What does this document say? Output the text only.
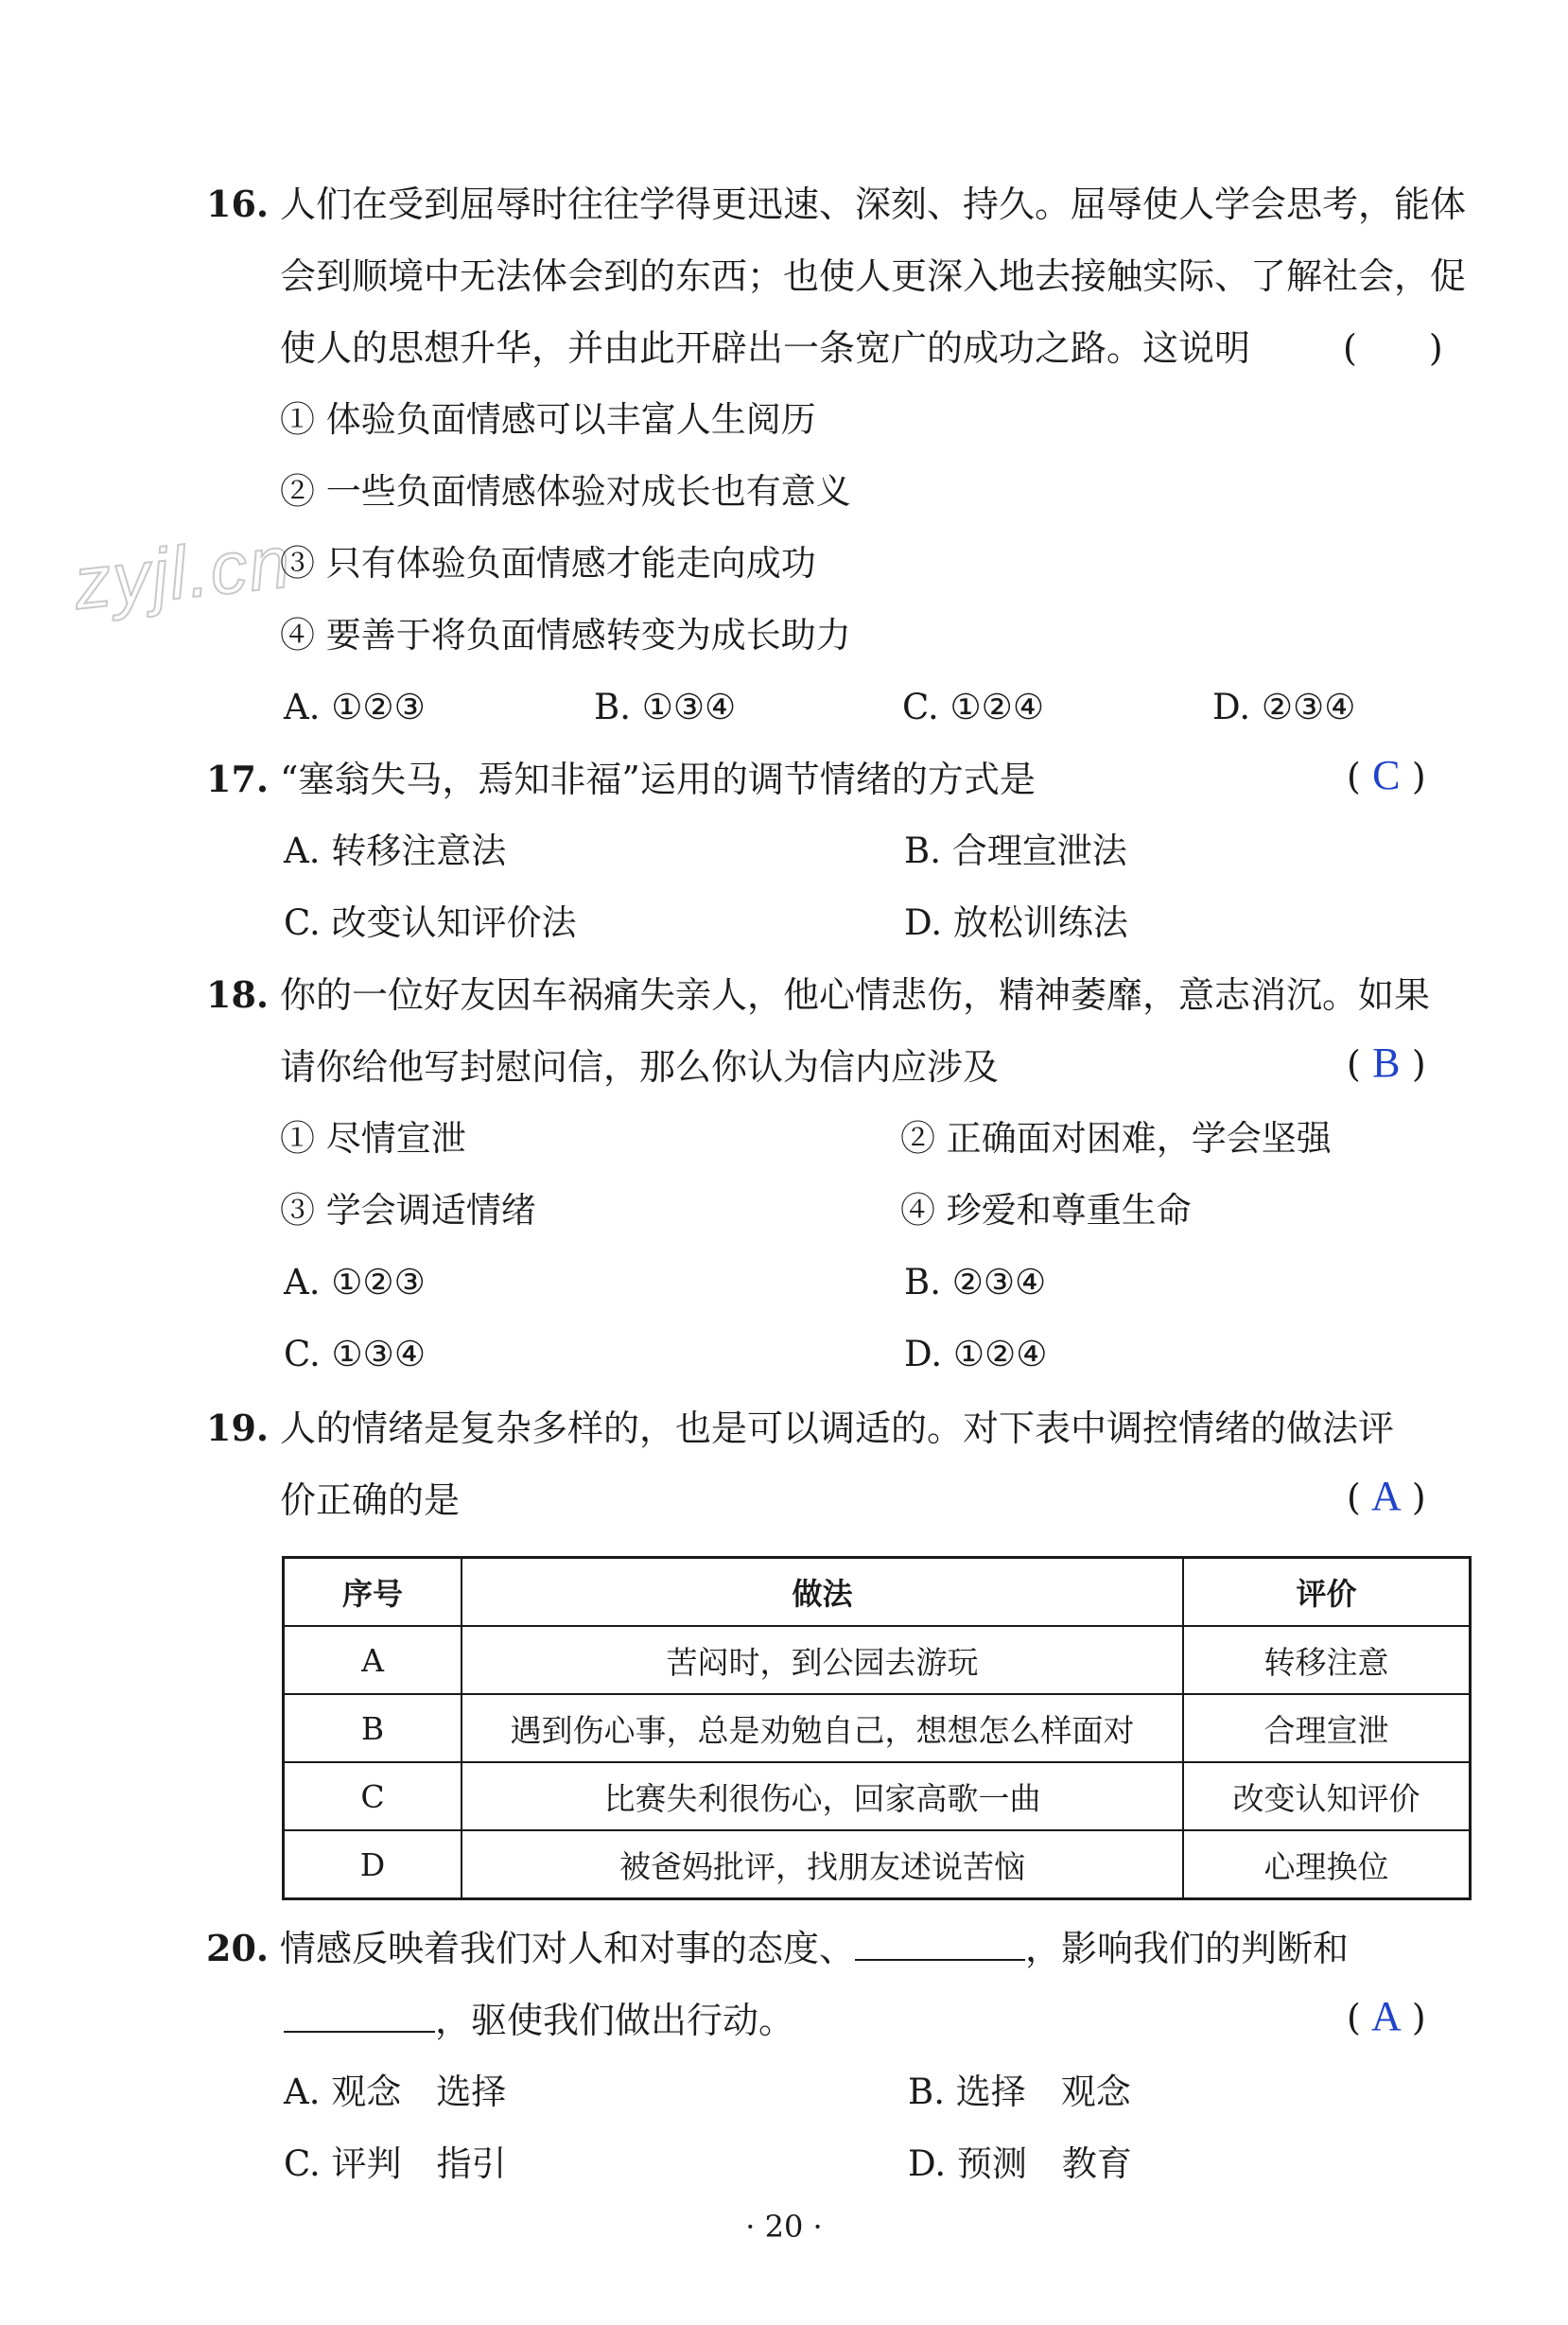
zyjl.cn
16. 人们在受到屈辱时往往学得更迅速、深刻、持久。屈辱使人学会思考，能体
会到顺境中无法体会到的东西；也使人更深入地去接触实际、了解社会，促
使人的思想升华，并由此开辟出一条宽广的成功之路。这说明	(　　)
① 体验负面情感可以丰富人生阅历
② 一些负面情感体验对成长也有意义
③ 只有体验负面情感才能走向成功
④ 要善于将负面情感转变为成长助力
A. ①②③	B. ①③④	C. ①②④	D. ②③④
17. “塞翁失马，焉知非福”运用的调节情绪的方式是	( C )
A. 转移注意法	B. 合理宣泄法
C. 改变认知评价法	D. 放松训练法
18. 你的一位好友因车祸痛失亲人，他心情悲伤，精神萎靡，意志消沉。如果
请你给他写封慰问信，那么你认为信内应涉及	( B )
① 尽情宣泄	② 正确面对困难，学会坚强
③ 学会调适情绪	④ 珍爱和尊重生命
A. ①②③	B. ②③④
C. ①③④	D. ①②④
19. 人的情绪是复杂多样的，也是可以调适的。对下表中调控情绪的做法评
价正确的是	( A )
序号	做法	评价
A	苦闷时，到公园去游玩	转移注意
B	遇到伤心事，总是劝勉自己，想想怎么样面对	合理宣泄
C	比赛失利很伤心，回家高歌一曲	改变认知评价
D	被爸妈批评，找朋友述说苦恼	心理换位
20. 情感反映着我们对人和对事的态度、	，影响我们的判断和
，驱使我们做出行动。	( A )
A. 观念　选择	B. 选择　观念
C. 评判　指引	D. 预测　教育
· 20 ·
